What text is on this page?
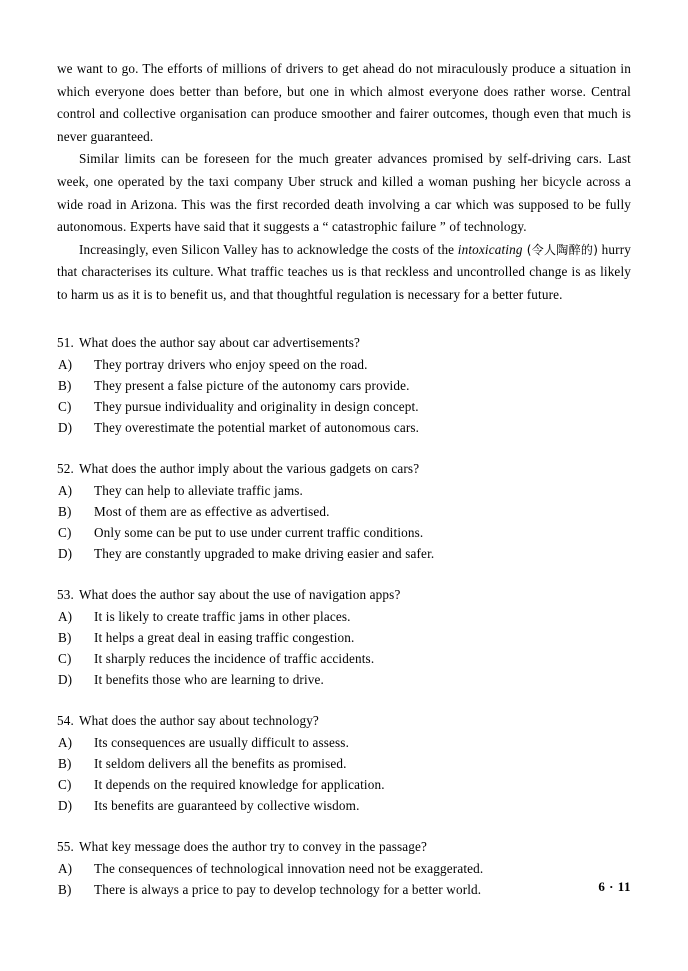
we want to go. The efforts of millions of drivers to get ahead do not miraculously produce a situation in which everyone does better than before, but one in which almost everyone does rather worse. Central control and collective organisation can produce smoother and fairer outcomes, though even that much is never guaranteed.

Similar limits can be foreseen for the much greater advances promised by self-driving cars. Last week, one operated by the taxi company Uber struck and killed a woman pushing her bicycle across a wide road in Arizona. This was the first recorded death involving a car which was supposed to be fully autonomous. Experts have said that it suggests a “ catastrophic failure ” of technology.

Increasingly, even Silicon Valley has to acknowledge the costs of the intoxicating (令人陶醉的) hurry that characterises its culture. What traffic teaches us is that reckless and uncontrolled change is as likely to harm us as it is to benefit us, and that thoughtful regulation is necessary for a better future.

51. What does the author say about car advertisements?

A) They portray drivers who enjoy speed on the road.

B) They present a false picture of the autonomy cars provide.

C) They pursue individuality and originality in design concept.

D) They overestimate the potential market of autonomous cars.

52. What does the author imply about the various gadgets on cars?

A) They can help to alleviate traffic jams.

B) Most of them are as effective as advertised.

C) Only some can be put to use under current traffic conditions.

D) They are constantly upgraded to make driving easier and safer.

53. What does the author say about the use of navigation apps?

A) It is likely to create traffic jams in other places.

B) It helps a great deal in easing traffic congestion.

C) It sharply reduces the incidence of traffic accidents.

D) It benefits those who are learning to drive.

54. What does the author say about technology?

A) Its consequences are usually difficult to assess.

B) It seldom delivers all the benefits as promised.

C) It depends on the required knowledge for application.

D) Its benefits are guaranteed by collective wisdom.

55. What key message does the author try to convey in the passage?

A) The consequences of technological innovation need not be exaggerated.

B) There is always a price to pay to develop technology for a better world.	6 · 11
